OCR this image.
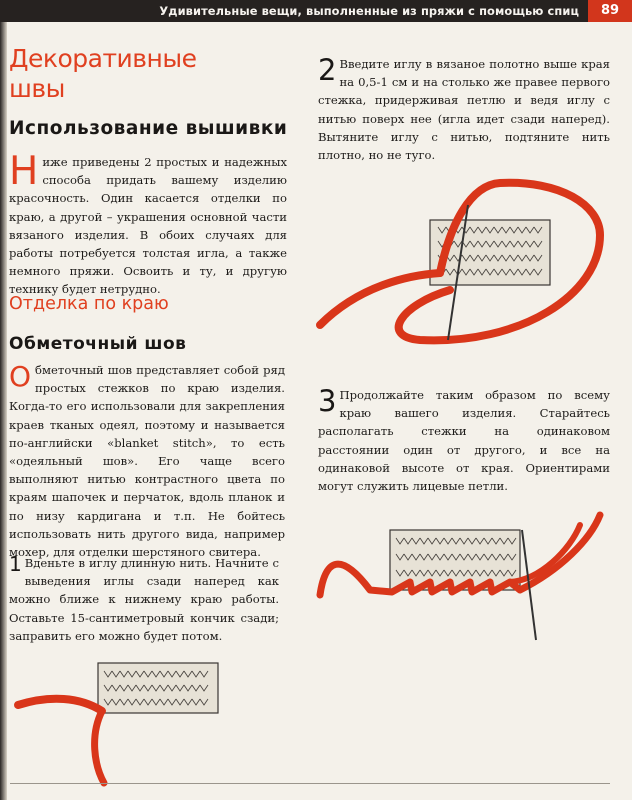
Удивительные вещи, выполненные из пряжи с помощью спиц	89
Декоративные швы
Использование вышивки

Ниже приведены 2 простых и надежных способа придать вашему изделию красочность. Один касается отделки по краю, а другой – украшения основной части вязаного изделия. В обоих случаях для работы потребуется толстая игла, а также немного пряжи. Освоить и ту, и другую технику будет нетрудно.

Отделка по краю
Обметочный шов

Обметочный шов представляет собой ряд простых стежков по краю изделия. Когда-то его использовали для закрепления краев тканых одеял, поэтому и называется по-английски «blanket stitch», то есть «одеяльный шов». Его чаще всего выполняют нитью контрастного цвета по краям шапочек и перчаток, вдоль планок и по низу кардигана и т.п. Не бойтесь использовать нить другого вида, например мохер, для отделки шерстяного свитера.

1 Вденьте в иглу длинную нить. Начните с выведения иглы сзади наперед как можно ближе к нижнему краю работы. Оставьте 15-сантиметровый кончик сзади; заправить его можно будет потом.

2 Введите иглу в вязаное полотно выше края на 0,5-1 см и на столько же правее первого стежка, придерживая петлю и ведя иглу с нитью поверх нее (игла идет сзади наперед). Вытяните иглу с нитью, подтяните нить плотно, но не туго.

3 Продолжайте таким образом по всему краю вашего изделия. Старайтесь располагать стежки на одинаковом расстоянии один от другого, и все на одинаковой высоте от края. Ориентирами могут служить лицевые петли.
